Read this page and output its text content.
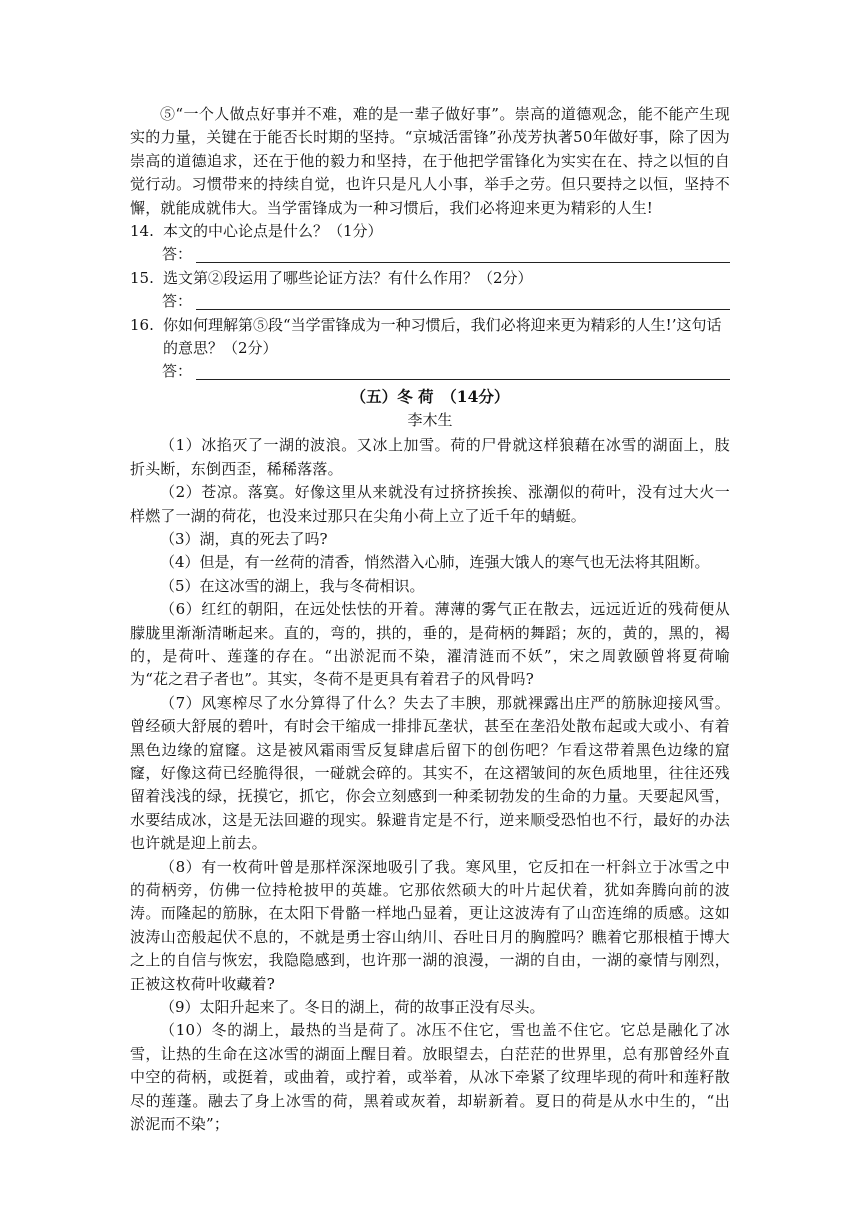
⑤“一个人做点好事并不难，难的是一辈子做好事”。崇高的道德观念，能不能产生现实的力量，关键在于能否长时期的坚持。“京城活雷锋”孙茂芳执著50年做好事，除了因为崇高的道德追求，还在于他的毅力和坚持，在于他把学雷锋化为实实在在、持之以恒的自觉行动。习惯带来的持续自觉，也许只是凡人小事，举手之劳。但只要持之以恒，坚持不懈，就能成就伟大。当学雷锋成为一种习惯后，我们必将迎来更为精彩的人生!

14. 本文的中心论点是什么？（1分）

答：

15. 选文第②段运用了哪些论证方法？有什么作用？（2分）

答：

16. 你如何理解第⑤段“当学雷锋成为一种习惯后，我们必将迎来更为精彩的人生!’这句话的意思？（2分）

答：

（五）冬 荷　（14分）

李木生

（1）冰掐灭了一湖的波浪。又冰上加雪。荷的尸骨就这样狼藉在冰雪的湖面上，肢折头断，东倒西歪，稀稀落落。

（2）苍凉。落寞。好像这里从来就没有过挤挤挨挨、涨潮似的荷叶，没有过大火一样燃了一湖的荷花，也没来过那只在尖角小荷上立了近千年的蜻蜓。

（3）湖，真的死去了吗?

（4）但是，有一丝荷的清香，悄然潜入心肺，连强大饿人的寒气也无法将其阻断。

（5）在这冰雪的湖上，我与冬荷相识。

（6）红红的朝阳，在远处怯怯的开着。薄薄的雾气正在散去，远远近近的残荷便从朦胧里渐渐清晰起来。直的，弯的，拱的，垂的，是荷柄的舞蹈；灰的，黄的，黑的，褐的，是荷叶、莲蓬的存在。“出淤泥而不染，濯清涟而不妖”，宋之周敦颐曾将夏荷喻为“花之君子者也”。其实，冬荷不是更具有着君子的风骨吗?

（7）风寒榨尽了水分算得了什么？失去了丰腴，那就裸露出庄严的筋脉迎接风雪。曾经硕大舒展的碧叶，有时会干缩成一排排瓦垄状，甚至在垄沿处散布起或大或小、有着黑色边缘的窟窿。这是被风霜雨雪反复肆虐后留下的创伤吧？乍看这带着黑色边缘的窟窿，好像这荷已经脆得很，一碰就会碎的。其实不，在这褶皱间的灰色质地里，往往还残留着浅浅的绿，抚摸它，抓它，你会立刻感到一种柔韧勃发的生命的力量。天要起风雪，水要结成冰，这是无法回避的现实。躲避肯定是不行，逆来顺受恐怕也不行，最好的办法也许就是迎上前去。

（8）有一枚荷叶曾是那样深深地吸引了我。寒风里，它反扣在一杆斜立于冰雪之中的荷柄旁，仿佛一位持枪披甲的英雄。它那依然硕大的叶片起伏着，犹如奔腾向前的波涛。而隆起的筋脉，在太阳下骨骼一样地凸显着，更让这波涛有了山峦连绵的质感。这如波涛山峦般起伏不息的，不就是勇士容山纳川、吞吐日月的胸膛吗？瞧着它那根植于博大之上的自信与恢宏，我隐隐感到，也许那一湖的浪漫，一湖的自由，一湖的豪情与刚烈，正被这枚荷叶收藏着?

（9）太阳升起来了。冬日的湖上，荷的故事正没有尽头。

（10）冬的湖上，最热的当是荷了。冰压不住它，雪也盖不住它。它总是融化了冰雪，让热的生命在这冰雪的湖面上醒目着。放眼望去，白茫茫的世界里，总有那曾经外直中空的荷柄，或挺着，或曲着，或拧着，或举着，从冰下牵紧了纹理毕现的荷叶和莲籽散尽的莲蓬。融去了身上冰雪的荷，黑着或灰着，却崭新着。夏日的荷是从水中生的，“出淤泥而不染”；
